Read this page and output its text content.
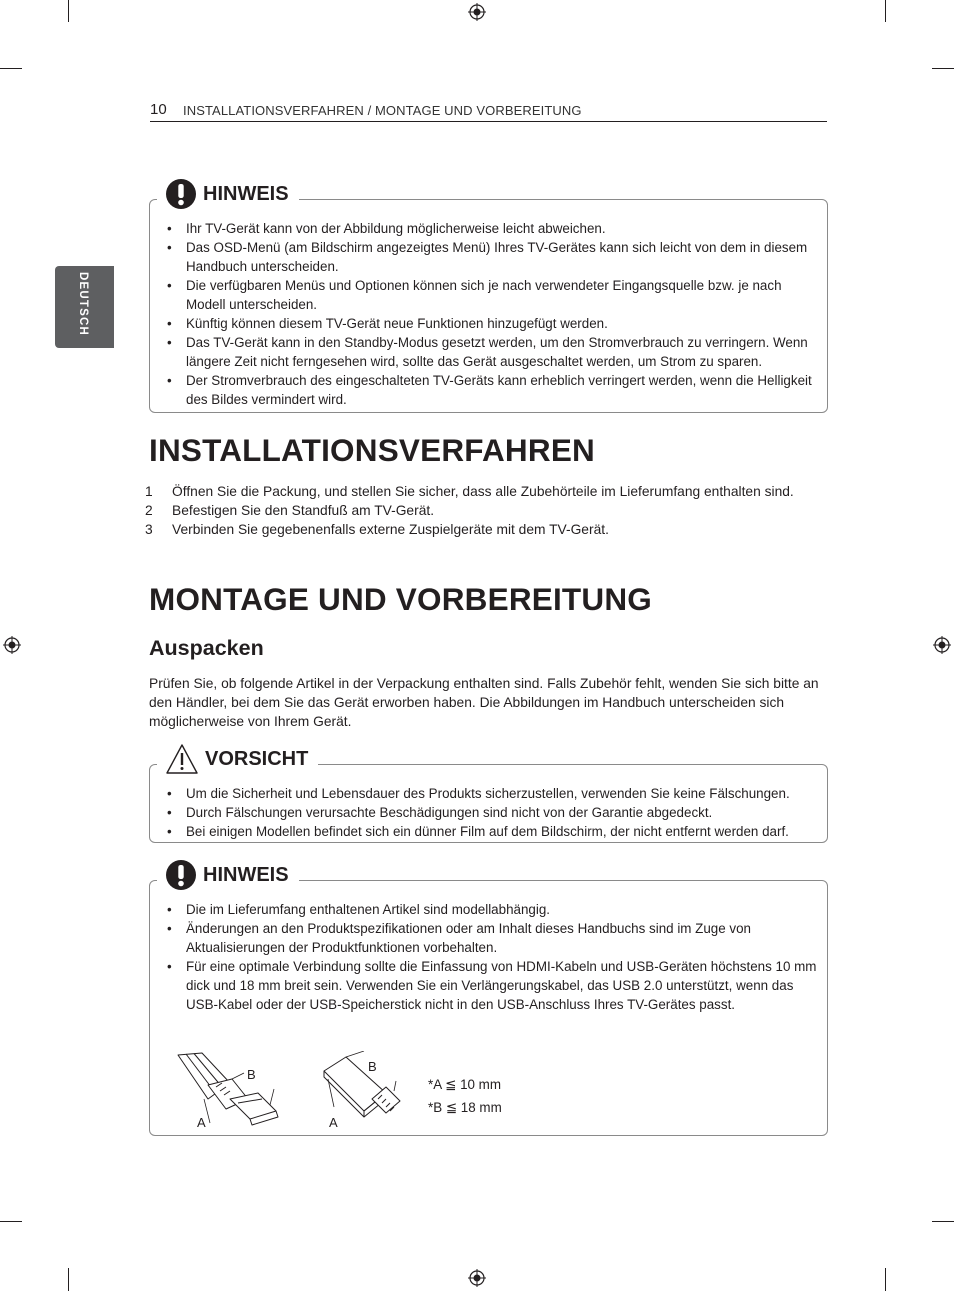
10 INSTALLATIONSVERFAHREN / MONTAGE UND VORBEREITUNG
DEUTSCH
• Ihr TV-Gerät kann von der Abbildung möglicherweise leicht abweichen.
• Das OSD-Menü (am Bildschirm angezeigtes Menü) Ihres TV-Gerätes kann sich leicht von dem in diesem Handbuch unterscheiden.
• Die verfügbaren Menüs und Optionen können sich je nach verwendeter Eingangsquelle bzw. je nach Modell unterscheiden.
• Künftig können diesem TV-Gerät neue Funktionen hinzugefügt werden.
• Das TV-Gerät kann in den Standby-Modus gesetzt werden, um den Stromverbrauch zu verringern. Wenn längere Zeit nicht ferngesehen wird, sollte das Gerät ausgeschaltet werden, um Strom zu sparen.
• Der Stromverbrauch des eingeschalteten TV-Geräts kann erheblich verringert werden, wenn die Helligkeit des Bildes vermindert wird.
HINWEIS
INSTALLATIONSVERFAHREN
1 Öffnen Sie die Packung, und stellen Sie sicher, dass alle Zubehörteile im Lieferumfang enthalten sind.
2 Befestigen Sie den Standfuß am TV-Gerät.
3 Verbinden Sie gegebenenfalls externe Zuspielgeräte mit dem TV-Gerät.
MONTAGE UND VORBEREITUNG
Auspacken
Prüfen Sie, ob folgende Artikel in der Verpackung enthalten sind. Falls Zubehör fehlt, wenden Sie sich bitte an den Händler, bei dem Sie das Gerät erworben haben. Die Abbildungen im Handbuch unterscheiden sich möglicherweise von Ihrem Gerät.
• Um die Sicherheit und Lebensdauer des Produkts sicherzustellen, verwenden Sie keine Fälschungen.
• Durch Fälschungen verursachte Beschädigungen sind nicht von der Garantie abgedeckt.
• Bei einigen Modellen befindet sich ein dünner Film auf dem Bildschirm, der nicht entfernt werden darf.
VORSICHT
• Die im Lieferumfang enthaltenen Artikel sind modellabhängig.
• Änderungen an den Produktspezifikationen oder am Inhalt dieses Handbuchs sind im Zuge von Aktualisierungen der Produktfunktionen vorbehalten.
• Für eine optimale Verbindung sollte die Einfassung von HDMI-Kabeln und USB-Geräten höchstens 10 mm dick und 18 mm breit sein. Verwenden Sie ein Verlängerungskabel, das USB 2.0 unterstützt, wenn das USB-Kabel oder der USB-Speicherstick nicht in den USB-Anschluss Ihres TV-Gerätes passt.
B
A
B
A
*A ≦ 10 mm
*B ≦ 18 mm
HINWEIS
